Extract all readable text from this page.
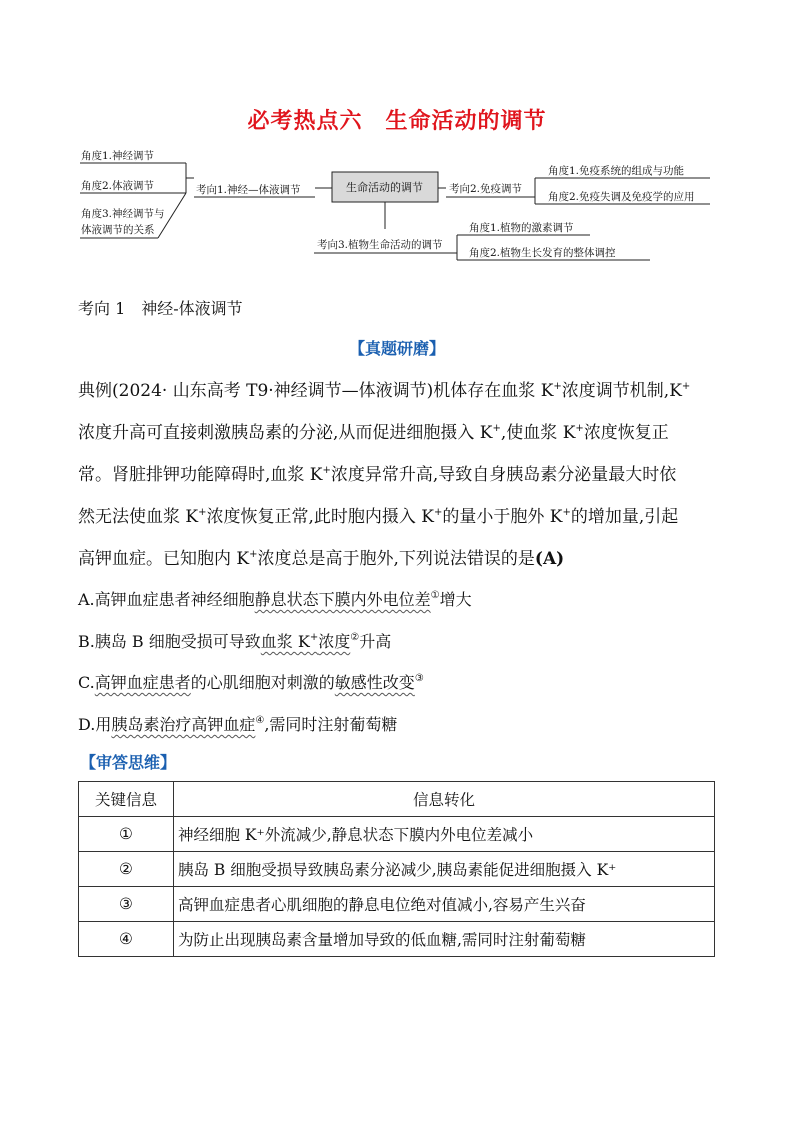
必考热点六　生命活动的调节
角度1.神经调节
角度2.体液调节
角度3.神经调节与
体液调节的关系
考向1.神经—体液调节	生命活动的调节 考向2.免疫调节
角度1.免疫系统的组成与功能
角度2.免疫失调及免疫学的应用
考向3.植物生命活动的调节
角度1.植物的激素调节
角度2.植物生长发育的整体调控
考向 1　神经-体液调节
【真题研磨】

典例(2024· 山东高考 T9·神经调节—体液调节)机体存在血浆 K+浓度调节机制,K+

浓度升高可直接刺激胰岛素的分泌,从而促进细胞摄入 K+,使血浆 K+浓度恢复正

常。肾脏排钾功能障碍时,血浆 K+浓度异常升高,导致自身胰岛素分泌量最大时依

然无法使血浆 K+浓度恢复正常,此时胞内摄入 K+的量小于胞外 K+的增加量,引起

高钾血症。已知胞内 K+浓度总是高于胞外,下列说法错误的是(A)

A.高钾血症患者神经细胞静息状态下膜内外电位差①增大
B.胰岛 B 细胞受损可导致血浆 K+浓度②升高
C.高钾血症患者的心肌细胞对刺激的敏感性改变③
D.用胰岛素治疗高钾血症④,需同时注射葡萄糖
【审答思维】
关键信息	信息转化
①	神经细胞 K⁺外流减少,静息状态下膜内外电位差减小
②	胰岛 B 细胞受损导致胰岛素分泌减少,胰岛素能促进细胞摄入 K⁺
③	高钾血症患者心肌细胞的静息电位绝对值减小,容易产生兴奋
④	为防止出现胰岛素含量增加导致的低血糖,需同时注射葡萄糖
